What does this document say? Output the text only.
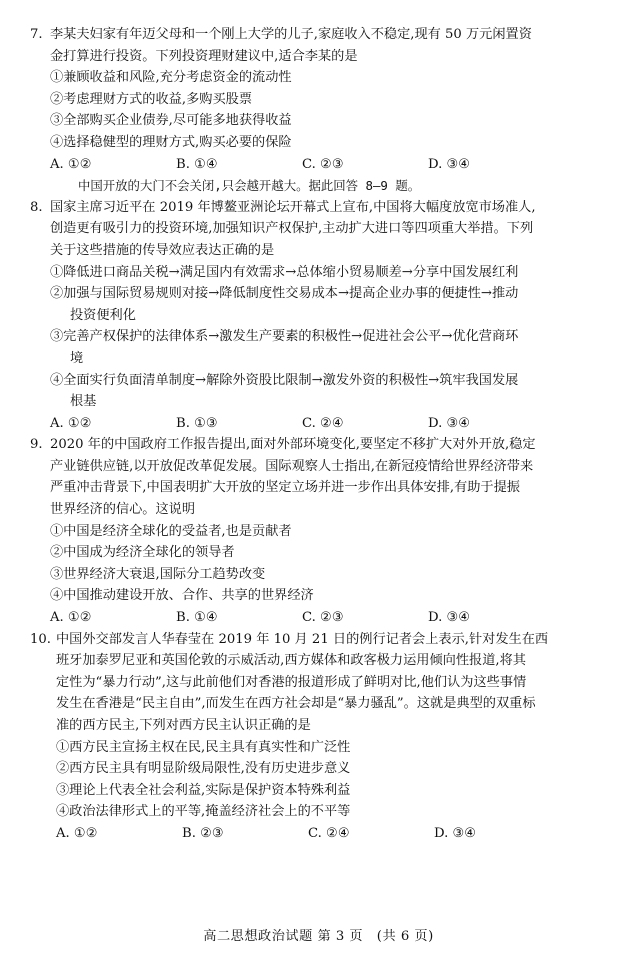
7. 李某夫妇家有年迈父母和一个刚上大学的儿子,家庭收入不稳定,现有 50 万元闲置资
金打算进行投资。下列投资理财建议中,适合李某的是
①兼顾收益和风险,充分考虑资金的流动性
②考虑理财方式的收益,多购买股票
③全部购买企业债券,尽可能多地获得收益
④选择稳健型的理财方式,购买必要的保险
A. ①②	B. ①④	C. ②③	D. ③④
中国开放的大门不会关闭,只会越开越大。据此回答 8–9 题。
8. 国家主席习近平在 2019 年博鳌亚洲论坛开幕式上宣布,中国将大幅度放宽市场准人,
创造更有吸引力的投资环境,加强知识产权保护,主动扩大进口等四项重大举措。下列
关于这些措施的传导效应表达正确的是
①降低进口商品关税→满足国内有效需求→总体缩小贸易顺差→分享中国发展红利
②加强与国际贸易规则对接→降低制度性交易成本→提高企业办事的便捷性→推动
投资便利化
③完善产权保护的法律体系→激发生产要素的积极性→促进社会公平→优化营商环
境
④全面实行负面清单制度→解除外资股比限制→激发外资的积极性→筑牢我国发展
根基
A. ①②	B. ①③	C. ②④	D. ③④
9. 2020 年的中国政府工作报告提出,面对外部环境变化,要坚定不移扩大对外开放,稳定
产业链供应链,以开放促改革促发展。国际观察人士指出,在新冠疫情给世界经济带来
严重冲击背景下,中国表明扩大开放的坚定立场并进一步作出具体安排,有助于提振
世界经济的信心。这说明
①中国是经济全球化的受益者,也是贡献者
②中国成为经济全球化的领导者
③世界经济大衰退,国际分工趋势改变
④中国推动建设开放、合作、共享的世界经济
A. ①②	B. ①④	C. ②③	D. ③④
10. 中国外交部发言人华春莹在 2019 年 10 月 21 日的例行记者会上表示,针对发生在西
班牙加泰罗尼亚和英国伦敦的示威活动,西方媒体和政客极力运用倾向性报道,将其
定性为“暴力行动”,这与此前他们对香港的报道形成了鲜明对比,他们认为这些事情
发生在香港是“民主自由”,而发生在西方社会却是“暴力骚乱”。这就是典型的双重标
准的西方民主,下列对西方民主认识正确的是
①西方民主宣扬主权在民,民主具有真实性和广泛性
②西方民主具有明显阶级局限性,没有历史进步意义
③理论上代表全社会利益,实际是保护资本特殊利益
④政治法律形式上的平等,掩盖经济社会上的不平等
A. ①②	B. ②③	C. ②④	D. ③④
高二思想政治试题 第 3 页　(共 6 页)
